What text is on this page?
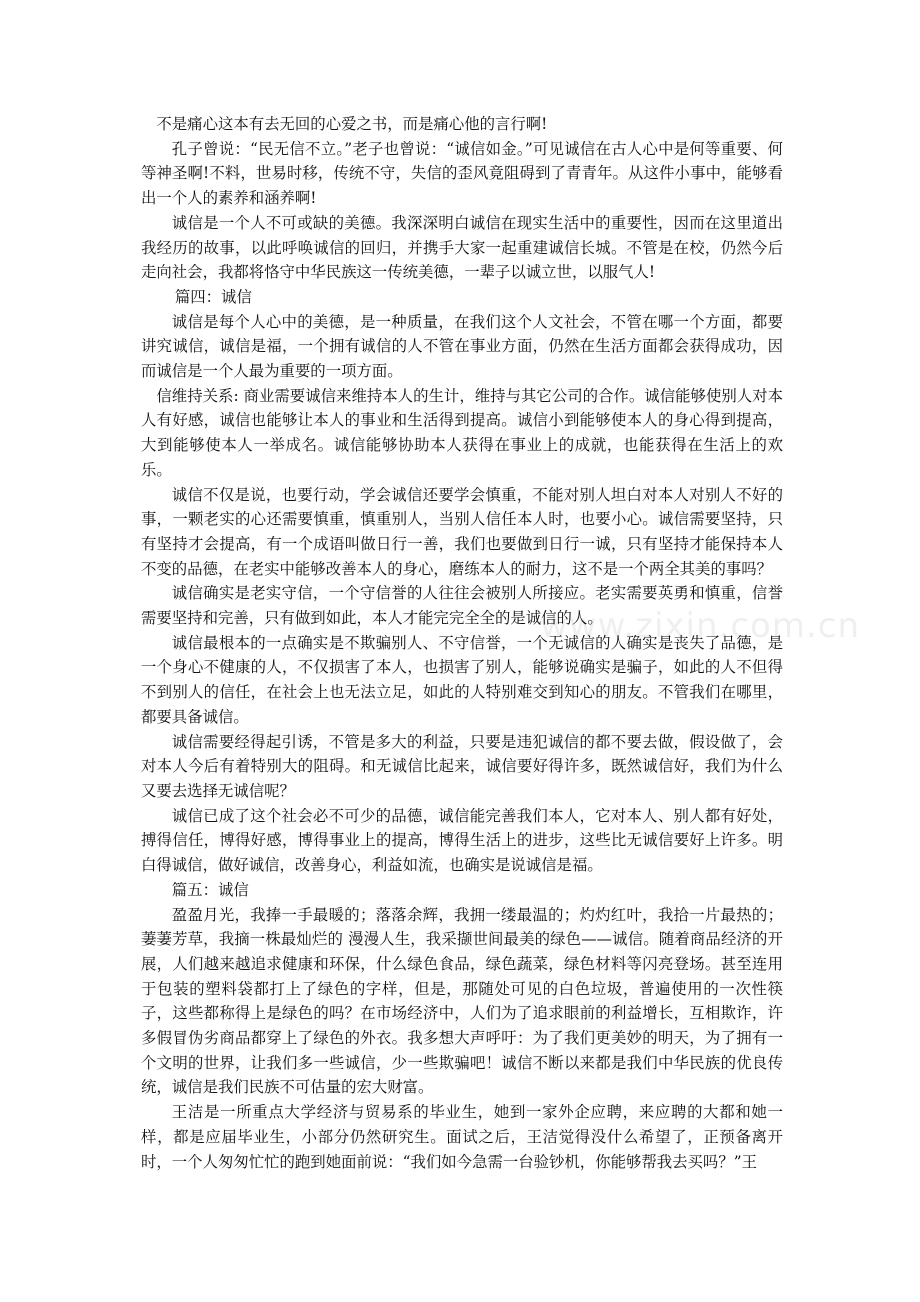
不是痛心这本有去无回的心爱之书，而是痛心他的言行啊!

孔子曾说：“民无信不立。”老子也曾说：“诚信如金。”可见诚信在古人心中是何等重要、何等神圣啊!不料，世易时移，传统不守，失信的歪风竟阻碍到了青青年。从这件小事中，能够看出一个人的素养和涵养啊!

诚信是一个人不可或缺的美德。我深深明白诚信在现实生活中的重要性，因而在这里道出我经历的故事，以此呼唤诚信的回归，并携手大家一起重建诚信长城。不管是在校，仍然今后走向社会，我都将恪守中华民族这一传统美德，一辈子以诚立世，以服气人!

篇四：诚信

诚信是每个人心中的美德，是一种质量，在我们这个人文社会，不管在哪一个方面，都要讲究诚信，诚信是福，一个拥有诚信的人不管在事业方面，仍然在生活方面都会获得成功，因而诚信是一个人最为重要的一项方面。

信维持关系: 商业需要诚信来维持本人的生计，维持与其它公司的合作。诚信能够使别人对本人有好感，诚信也能够让本人的事业和生活得到提高。诚信小到能够使本人的身心得到提高，大到能够使本人一举成名。诚信能够协助本人获得在事业上的成就，也能获得在生活上的欢乐。

诚信不仅是说，也要行动，学会诚信还要学会慎重，不能对别人坦白对本人对别人不好的事，一颗老实的心还需要慎重，慎重别人，当别人信任本人时，也要小心。诚信需要坚持，只有坚持才会提高，有一个成语叫做日行一善，我们也要做到日行一诚，只有坚持才能保持本人不变的品德，在老实中能够改善本人的身心，磨练本人的耐力，这不是一个两全其美的事吗？

诚信确实是老实守信，一个守信誉的人往往会被别人所接应。老实需要英勇和慎重，信誉需要坚持和完善，只有做到如此，本人才能完完全全的是诚信的人。

诚信最根本的一点确实是不欺骗别人、不守信誉，一个无诚信的人确实是丧失了品德，是一个身心不健康的人，不仅损害了本人，也损害了别人，能够说确实是骗子，如此的人不但得不到别人的信任，在社会上也无法立足，如此的人特别难交到知心的朋友。不管我们在哪里，都要具备诚信。

诚信需要经得起引诱，不管是多大的利益，只要是违犯诚信的都不要去做，假设做了，会对本人今后有着特别大的阻碍。和无诚信比起来，诚信要好得许多，既然诚信好，我们为什么又要去选择无诚信呢？

诚信已成了这个社会必不可少的品德，诚信能完善我们本人，它对本人、别人都有好处，搏得信任，博得好感，博得事业上的提高，博得生活上的进步，这些比无诚信要好上许多。明白得诚信，做好诚信，改善身心，利益如流，也确实是说诚信是福。

篇五：诚信

盈盈月光，我捧一手最暖的；落落余辉，我拥一缕最温的；灼灼红叶，我拾一片最热的；萋萋芳草，我摘一株最灿烂的 漫漫人生，我采撷世间最美的绿色——诚信。随着商品经济的开展，人们越来越追求健康和环保，什么绿色食品，绿色蔬菜，绿色材料等闪亮登场。甚至连用于包装的塑料袋都打上了绿色的字样，但是，那随处可见的白色垃圾，普遍使用的一次性筷子，这些都称得上是绿色的吗？在市场经济中，人们为了追求眼前的利益增长，互相欺诈，许多假冒伪劣商品都穿上了绿色的外衣。我多想大声呼吁：为了我们更美妙的明天，为了拥有一个文明的世界，让我们多一些诚信，少一些欺骗吧！诚信不断以来都是我们中华民族的优良传统，诚信是我们民族不可估量的宏大财富。

王洁是一所重点大学经济与贸易系的毕业生，她到一家外企应聘，来应聘的大都和她一样，都是应届毕业生，小部分仍然研究生。面试之后，王洁觉得没什么希望了，正预备离开时，一个人匆匆忙忙的跑到她面前说：“我们如今急需一台验钞机，你能够帮我去买吗？”王

www.zixin.com.cn
